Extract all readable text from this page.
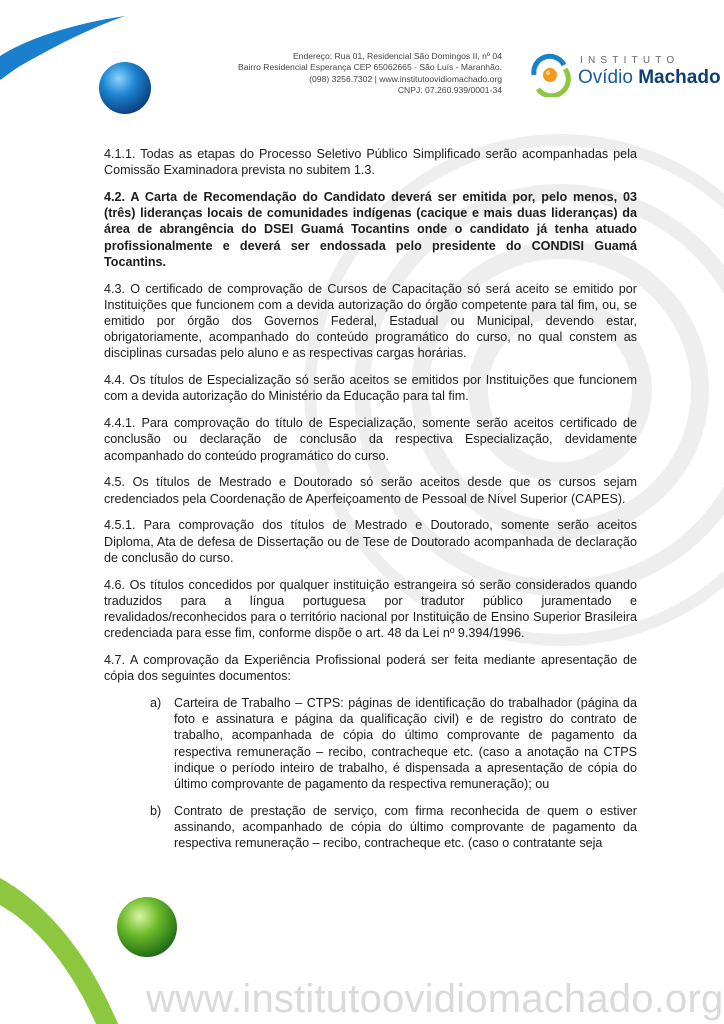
Endereço: Rua 01, Residencial São Domingos II, nº 04
Bairro Residencial Esperança CEP 65062665 - São Luís - Maranhão.
(098) 3256.7302 | www.institutoovidiomachado.org
CNPJ: 07.260.939/0001-34
INSTITUTO
Ovídio Machado

4.1.1. Todas as etapas do Processo Seletivo Público Simplificado serão acompanhadas pela Comissão Examinadora prevista no subitem 1.3.

4.2. A Carta de Recomendação do Candidato deverá ser emitida por, pelo menos, 03 (três) lideranças locais de comunidades indígenas (cacique e mais duas lideranças) da área de abrangência do DSEI Guamá Tocantins onde o candidato já tenha atuado profissionalmente e deverá ser endossada pelo presidente do CONDISI Guamá Tocantins.

4.3. O certificado de comprovação de Cursos de Capacitação só será aceito se emitido por Instituições que funcionem com a devida autorização do órgão competente para tal fim, ou, se emitido por órgão dos Governos Federal, Estadual ou Municipal, devendo estar, obrigatoriamente, acompanhado do conteúdo programático do curso, no qual constem as disciplinas cursadas pelo aluno e as respectivas cargas horárias.

4.4. Os títulos de Especialização só serão aceitos se emitidos por Instituições que funcionem com a devida autorização do Ministério da Educação para tal fim.

4.4.1. Para comprovação do título de Especialização, somente serão aceitos certificado de conclusão ou declaração de conclusão da respectiva Especialização, devidamente acompanhado do conteúdo programático do curso.

4.5. Os títulos de Mestrado e Doutorado só serão aceitos desde que os cursos sejam credenciados pela Coordenação de Aperfeiçoamento de Pessoal de Nível Superior (CAPES).

4.5.1. Para comprovação dos títulos de Mestrado e Doutorado, somente serão aceitos Diploma, Ata de defesa de Dissertação ou de Tese de Doutorado acompanhada de declaração de conclusão do curso.

4.6. Os títulos concedidos por qualquer instituição estrangeira só serão considerados quando traduzidos para a língua portuguesa por tradutor público juramentado e revalidados/reconhecidos para o território nacional por Instituição de Ensino Superior Brasileira credenciada para esse fim, conforme dispõe o art. 48 da Lei nº 9.394/1996.

4.7. A comprovação da Experiência Profissional poderá ser feita mediante apresentação de cópia dos seguintes documentos:

a) Carteira de Trabalho – CTPS: páginas de identificação do trabalhador (página da foto e assinatura e página da qualificação civil) e de registro do contrato de trabalho, acompanhada de cópia do último comprovante de pagamento da respectiva remuneração – recibo, contracheque etc. (caso a anotação na CTPS indique o período inteiro de trabalho, é dispensada a apresentação de cópia do último comprovante de pagamento da respectiva remuneração); ou
b) Contrato de prestação de serviço, com firma reconhecida de quem o estiver assinando, acompanhado de cópia do último comprovante de pagamento da respectiva remuneração – recibo, contracheque etc. (caso o contratante seja
www.institutoovidiomachado.org
